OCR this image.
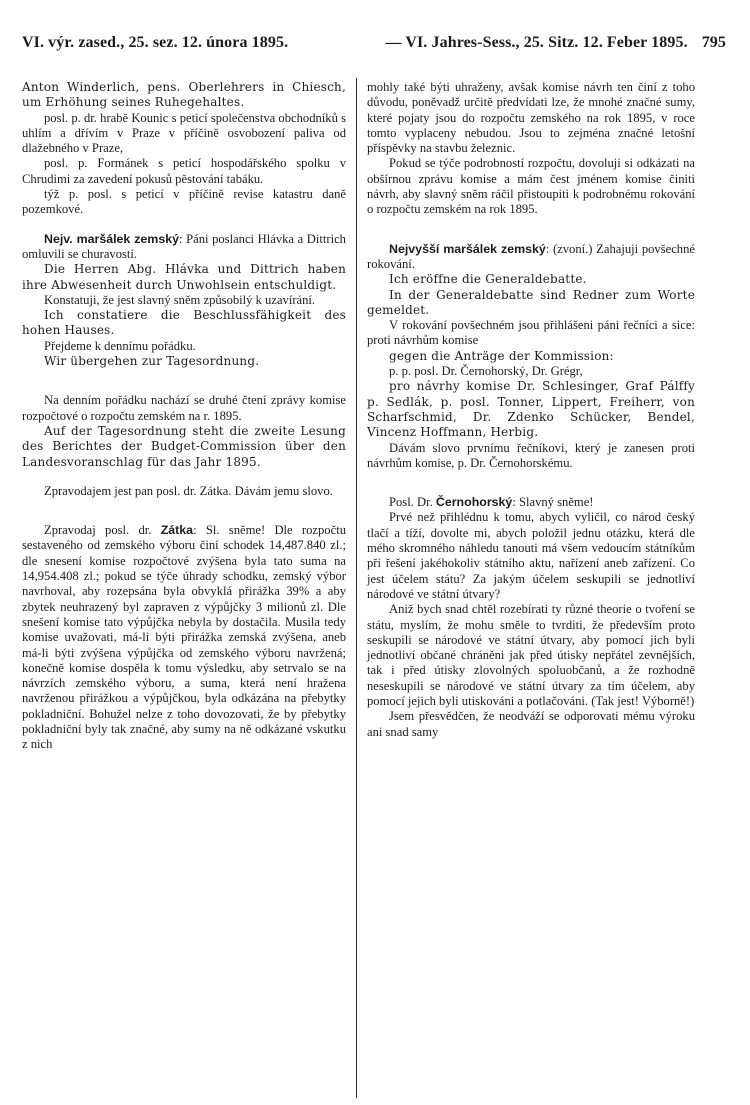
VI. výr. zased., 25. sez. 12. února 1895.	— VI. Jahres-Sess., 25. Sitz. 12. Feber 1895. 795

Anton Winderlich, pens. Oberlehrers in Chiesch, um Erhöhung seines Ruhegehaltes.

posl. p. dr. hrabě Kounic s peticí společenstva obchodníků s uhlím a dřívím v Praze v příčině osvobození paliva od dlažebného v Praze,

posl. p. Formánek s peticí hospodářského spolku v Chrudimi za zavedení pokusů pěstování tabáku.

týž p. posl. s peticí v příčině revise katastru daně pozemkové.

Nejv. maršálek zemský: Páni poslanci Hlávka a Dittrich omluvili se churavostí.

Die Herren Abg. Hlávka und Dittrich haben ihre Abwesenheit durch Unwohlsein entschuldigt.

Konstatuji, že jest slavný sněm způsobilý k uzavírání.

Ich constatiere die Beschlussfähigkeit des hohen Hauses.

Přejdeme k dennímu pořádku.

Wir übergehen zur Tagesordnung.

Na denním pořádku nachází se druhé čtení zprávy komise rozpočtové o rozpočtu zemském na r. 1895.

Auf der Tagesordnung steht die zweite Lesung des Berichtes der Budget-Commission über den Landesvoranschlag für das Jahr 1895.

Zpravodajem jest pan posl. dr. Zátka. Dávám jemu slovo.

Zpravodaj posl. dr. Zátka: Sl. sněme! Dle rozpočtu sestaveného od zemského výboru činí schodek 14,487.840 zl.; dle snesení komise rozpočtové zvýšena byla tato suma na 14,954.408 zl.; pokud se týče úhrady schodku, zemský výbor navrhoval, aby rozepsána byla obvyklá přirážka 39% a aby zbytek neuhrazený byl zapraven z výpůjčky 3 milionů zl. Dle snešení komise tato výpůjčka nebyla by dostačila. Musila tedy komise uvažovati, má-li býti přirážka zemská zvýšena, aneb má-li býti zvýšena výpůjčka od zemského výboru navržená; konečně komise dospěla k tomu výsledku, aby setrvalo se na návrzích zemského výboru, a suma, která není hražena navrženou přirážkou a výpůjčkou, byla odkázána na přebytky pokladniční. Bohužel nelze z toho dovozovati, že by přebytky pokladniční byly tak značné, aby sumy na ně odkázané vskutku z nich

mohly také býti uhraženy, avšak komise návrh ten činí z toho důvodu, poněvadž určitě předvídati lze, že mnohé značné sumy, které pojaty jsou do rozpočtu zemského na rok 1895, v roce tomto vyplaceny nebudou. Jsou to zejména značné letošní příspěvky na stavbu železnic.

Pokud se týče podrobností rozpočtu, dovoluji si odkázati na obšírnou zprávu komise a mám čest jménem komise činiti návrh, aby slavný sněm ráčil přistoupiti k podrobnému rokování o rozpočtu zemském na rok 1895.

Nejvyšší maršálek zemský: (zvoní.) Zahajuji povšechné rokování.

Ich eröffne die Generaldebatte.

In der Generaldebatte sind Redner zum Worte gemeldet.

V rokování povšechném jsou přihlášeni páni řečníci a sice: proti návrhům komise

gegen die Anträge der Kommission:

p. p. posl. Dr. Černohorský, Dr. Grégr,

pro návrhy komise Dr. Schlesinger, Graf Pálffy p. Sedlák, p. posl. Tonner, Lippert, Freiherr, von Scharfschmid, Dr. Zdenko Schücker, Bendel, Vincenz Hoffmann, Herbig.

Dávám slovo prvnímu řečníkovi, který je zanesen proti návrhům komise, p. Dr. Černohorskému.

Posl. Dr. Černohorský: Slavný sněme!

Prvé než přihlédnu k tomu, abych vyličil, co národ český tlačí a tíží, dovolte mi, abych položil jednu otázku, která dle mého skromného náhledu tanouti má všem vedoucím státníkům při řešení jakéhokoliv státního aktu, nařízení aneb zařízení. Co jest účelem státu? Za jakým účelem seskupili se jednotliví národové ve státní útvary?

Aniž bych snad chtěl rozebírati ty různé theorie o tvoření se státu, myslím, že mohu směle to tvrditi, že především proto seskupili se národové ve státní útvary, aby pomocí jich byli jednotliví občané chráněni jak před útisky nepřátel zevnějších, tak i před útisky zlovolných spoluobčanů, a že rozhodně neseskupili se národové ve státní útvary za tím účelem, aby pomocí jejich byli utiskováni a potlačováni. (Tak jest! Výborně!)

Jsem přesvědčen, že neodváží se odporovati mému výroku ani snad samy
